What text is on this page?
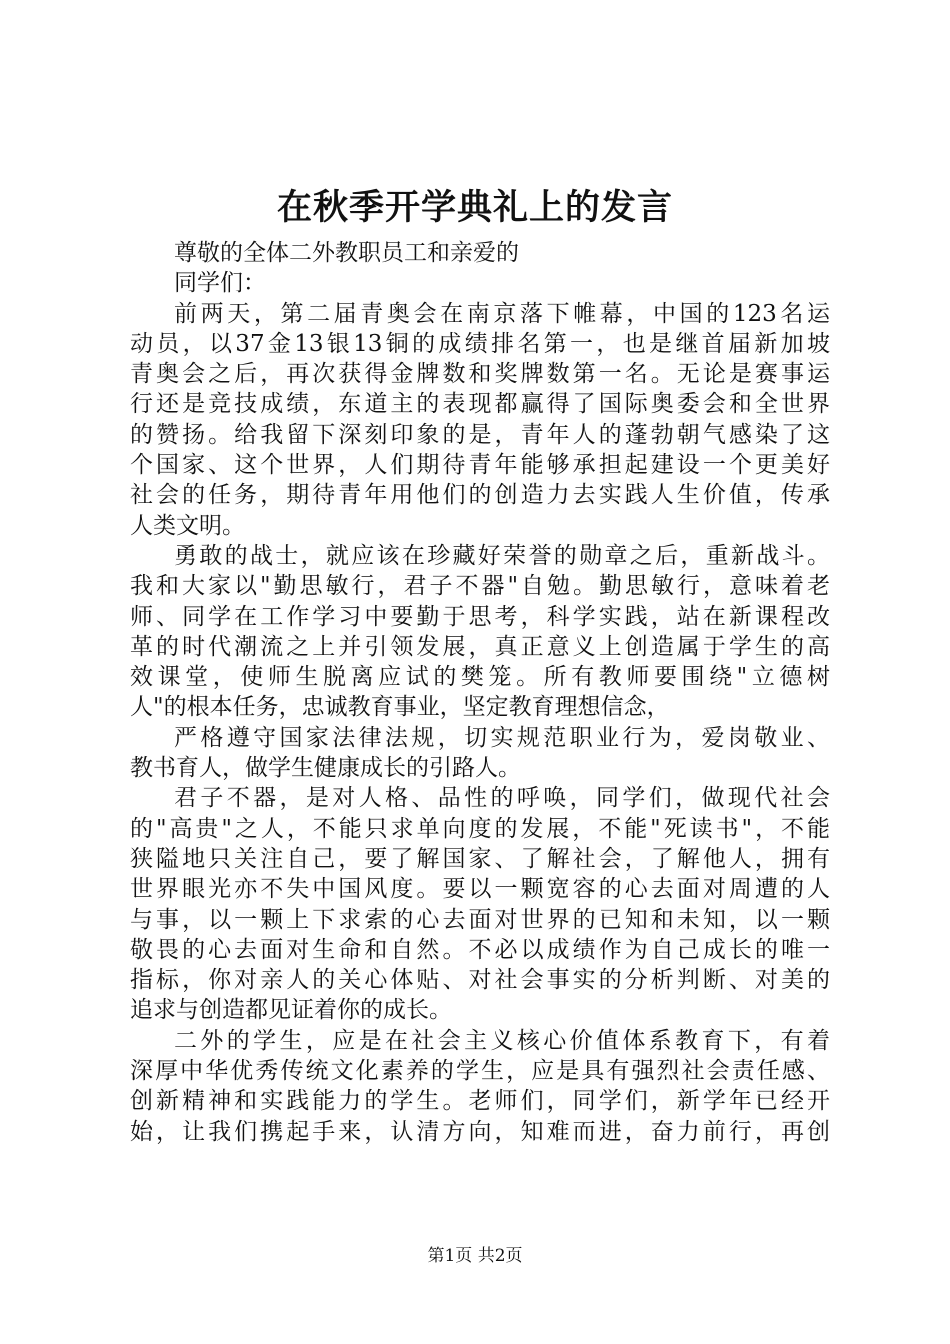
在秋季开学典礼上的发言
尊敬的全体二外教职员工和亲爱的
同学们：
前两天，第二届青奥会在南京落下帷幕，中国的123名运
动员，以37金13银13铜的成绩排名第一，也是继首届新加坡
青奥会之后，再次获得金牌数和奖牌数第一名。无论是赛事运
行还是竞技成绩，东道主的表现都赢得了国际奥委会和全世界
的赞扬。给我留下深刻印象的是，青年人的蓬勃朝气感染了这
个国家、这个世界，人们期待青年能够承担起建设一个更美好
社会的任务，期待青年用他们的创造力去实践人生价值，传承
人类文明。
勇敢的战士，就应该在珍藏好荣誉的勋章之后，重新战斗。
我和大家以"勤思敏行，君子不器"自勉。勤思敏行，意味着老
师、同学在工作学习中要勤于思考，科学实践，站在新课程改
革的时代潮流之上并引领发展，真正意义上创造属于学生的高
效课堂，使师生脱离应试的樊笼。所有教师要围绕"立德树
人"的根本任务，忠诚教育事业，坚定教育理想信念，
严格遵守国家法律法规，切实规范职业行为，爱岗敬业、
教书育人，做学生健康成长的引路人。
君子不器，是对人格、品性的呼唤，同学们，做现代社会
的"高贵"之人，不能只求单向度的发展，不能"死读书"，不能
狭隘地只关注自己，要了解国家、了解社会，了解他人，拥有
世界眼光亦不失中国风度。要以一颗宽容的心去面对周遭的人
与事，以一颗上下求索的心去面对世界的已知和未知，以一颗
敬畏的心去面对生命和自然。不必以成绩作为自己成长的唯一
指标，你对亲人的关心体贴、对社会事实的分析判断、对美的
追求与创造都见证着你的成长。
二外的学生，应是在社会主义核心价值体系教育下，有着
深厚中华优秀传统文化素养的学生，应是具有强烈社会责任感、
创新精神和实践能力的学生。老师们，同学们，新学年已经开
始，让我们携起手来，认清方向，知难而进，奋力前行，再创
第1页 共2页
